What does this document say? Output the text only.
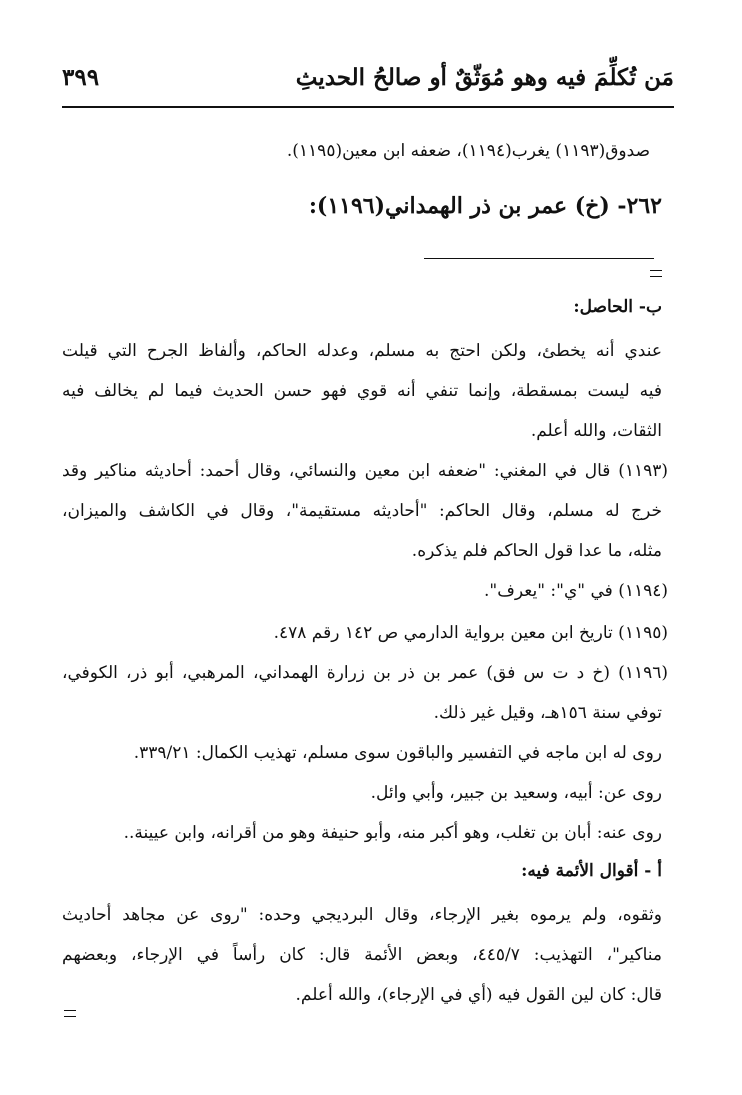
مَن تُكلِّمَ فيه وهو مُوَثّقٌ أو صالحُ الحديثِ
٣٩٩
صدوق(١١٩٣) يغرب(١١٩٤)، ضعفه ابن معين(١١٩٥).
٢٦٢- (خ) عمر بن ذر الهمداني(١١٩٦):
ب- الحاصل:
عندي أنه يخطئ، ولكن احتج به مسلم، وعدله الحاكم، وألفاظ الجرح التي قيلت
فيه ليست بمسقطة، وإنما تنفي أنه قوي فهو حسن الحديث فيما لم يخالف فيه
الثقات، والله أعلم.
(١١٩٣) قال في المغني: "ضعفه ابن معين والنسائي، وقال أحمد: أحاديثه مناكير وقد
خرج له مسلم، وقال الحاكم: "أحاديثه مستقيمة"، وقال في الكاشف والميزان،
مثله، ما عدا قول الحاكم فلم يذكره.
(١١٩٤) في "ي": "يعرف".
(١١٩٥) تاريخ ابن معين برواية الدارمي ص ١٤٢ رقم ٤٧٨.
(١١٩٦) (خ د ت س فق) عمر بن ذر بن زرارة الهمداني، المرهبي، أبو ذر، الكوفي،
توفي سنة ١٥٦هـ، وقيل غير ذلك.
روى له ابن ماجه في التفسير والباقون سوى مسلم، تهذيب الكمال: ٣٣٩/٢١.
روى عن: أبيه، وسعيد بن جبير، وأبي وائل.
روى عنه: أبان بن تغلب، وهو أكبر منه، وأبو حنيفة وهو من أقرانه، وابن عيينة..
أ - أقوال الأئمة فيه:
وثقوه، ولم يرموه بغير الإرجاء، وقال البرديجي وحده: "روى عن مجاهد أحاديث
مناكير"، التهذيب: ٤٤٥/٧، وبعض الأئمة قال: كان رأساً في الإرجاء، وبعضهم
قال: كان لين القول فيه (أي في الإرجاء)، والله أعلم.
